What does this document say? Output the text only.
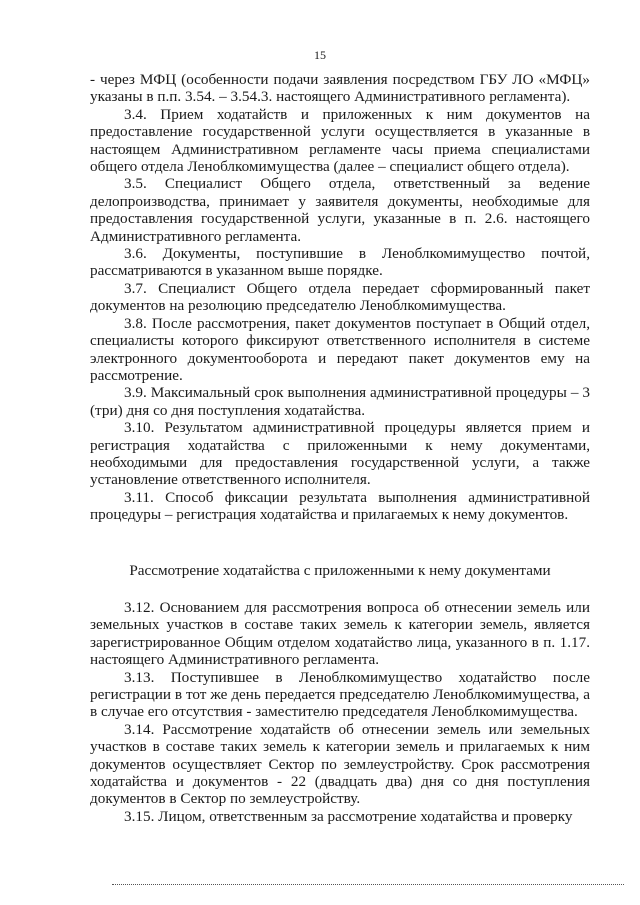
15

- через МФЦ (особенности подачи заявления посредством ГБУ ЛО «МФЦ» указаны в п.п. 3.54. – 3.54.3. настоящего Административного регламента).

3.4. Прием ходатайств и приложенных к ним документов на предоставление государственной услуги осуществляется в указанные в настоящем Административном регламенте часы приема специалистами общего отдела Леноблкомимущества (далее – специалист общего отдела).

3.5. Специалист Общего отдела, ответственный за ведение делопроизводства, принимает у заявителя документы, необходимые для предоставления государственной услуги, указанные в п. 2.6. настоящего Административного регламента.

3.6. Документы, поступившие в Леноблкомимущество почтой, рассматриваются в указанном выше порядке.

3.7. Специалист Общего отдела передает сформированный пакет документов на резолюцию председателю Леноблкомимущества.

3.8. После рассмотрения, пакет документов поступает в Общий отдел, специалисты которого фиксируют ответственного исполнителя в системе электронного документооборота и передают пакет документов ему на рассмотрение.

3.9. Максимальный срок выполнения административной процедуры – 3 (три) дня со дня поступления ходатайства.

3.10. Результатом административной процедуры является прием и регистрация ходатайства с приложенными к нему документами, необходимыми для предоставления государственной услуги, а также установление ответственного исполнителя.

3.11. Способ фиксации результата выполнения административной процедуры – регистрация ходатайства и прилагаемых к нему документов.

Рассмотрение ходатайства с приложенными к нему документами

3.12. Основанием для рассмотрения вопроса об отнесении земель или земельных участков в составе таких земель к категории земель, является зарегистрированное Общим отделом ходатайство лица, указанного в п. 1.17. настоящего Административного регламента.

3.13. Поступившее в Леноблкомимущество ходатайство после регистрации в тот же день передается председателю Леноблкомимущества, а в случае его отсутствия - заместителю председателя Леноблкомимущества.

3.14. Рассмотрение ходатайств об отнесении земель или земельных участков в составе таких земель к категории земель и прилагаемых к ним документов осуществляет Сектор по землеустройству. Срок рассмотрения ходатайства и документов - 22 (двадцать два) дня со дня поступления документов в Сектор по землеустройству.

3.15. Лицом, ответственным за рассмотрение ходатайства и проверку
